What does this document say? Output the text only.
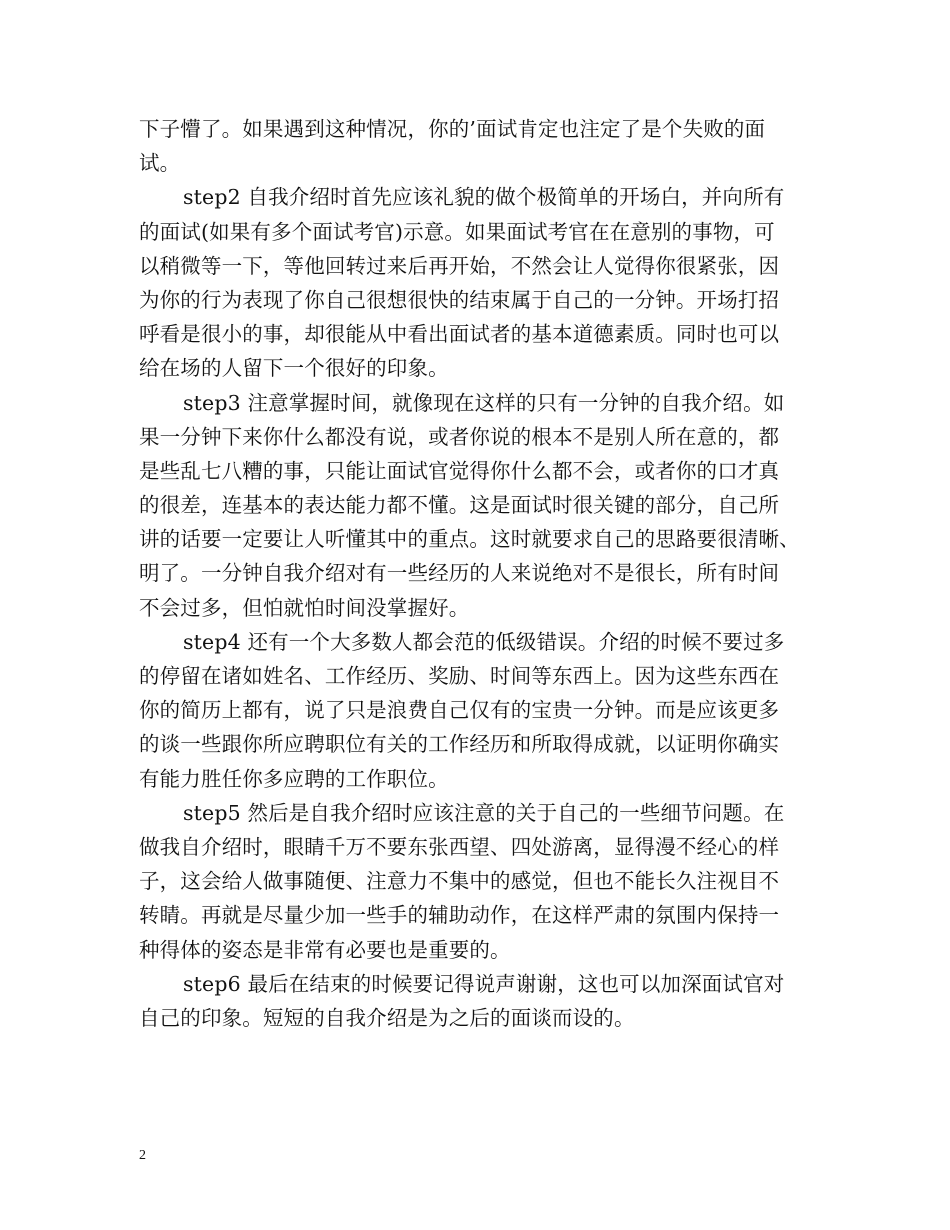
下子懵了。如果遇到这种情况，你的’面试肯定也注定了是个失败的面
试。
step2 自我介绍时首先应该礼貌的做个极简单的开场白，并向所有
的面试(如果有多个面试考官)示意。如果面试考官在在意别的事物，可
以稍微等一下，等他回转过来后再开始，不然会让人觉得你很紧张，因
为你的行为表现了你自己很想很快的结束属于自己的一分钟。开场打招
呼看是很小的事，却很能从中看出面试者的基本道德素质。同时也可以
给在场的人留下一个很好的印象。
step3 注意掌握时间，就像现在这样的只有一分钟的自我介绍。如
果一分钟下来你什么都没有说，或者你说的根本不是别人所在意的，都
是些乱七八糟的事，只能让面试官觉得你什么都不会，或者你的口才真
的很差，连基本的表达能力都不懂。这是面试时很关键的部分，自己所
讲的话要一定要让人听懂其中的重点。这时就要求自己的思路要很清晰、
明了。一分钟自我介绍对有一些经历的人来说绝对不是很长，所有时间
不会过多，但怕就怕时间没掌握好。
step4 还有一个大多数人都会范的低级错误。介绍的时候不要过多
的停留在诸如姓名、工作经历、奖励、时间等东西上。因为这些东西在
你的简历上都有，说了只是浪费自己仅有的宝贵一分钟。而是应该更多
的谈一些跟你所应聘职位有关的工作经历和所取得成就，以证明你确实
有能力胜任你多应聘的工作职位。
step5 然后是自我介绍时应该注意的关于自己的一些细节问题。在
做我自介绍时，眼睛千万不要东张西望、四处游离，显得漫不经心的样
子，这会给人做事随便、注意力不集中的感觉，但也不能长久注视目不
转睛。再就是尽量少加一些手的辅助动作，在这样严肃的氛围内保持一
种得体的姿态是非常有必要也是重要的。
step6 最后在结束的时候要记得说声谢谢，这也可以加深面试官对
自己的印象。短短的自我介绍是为之后的面谈而设的。
2
